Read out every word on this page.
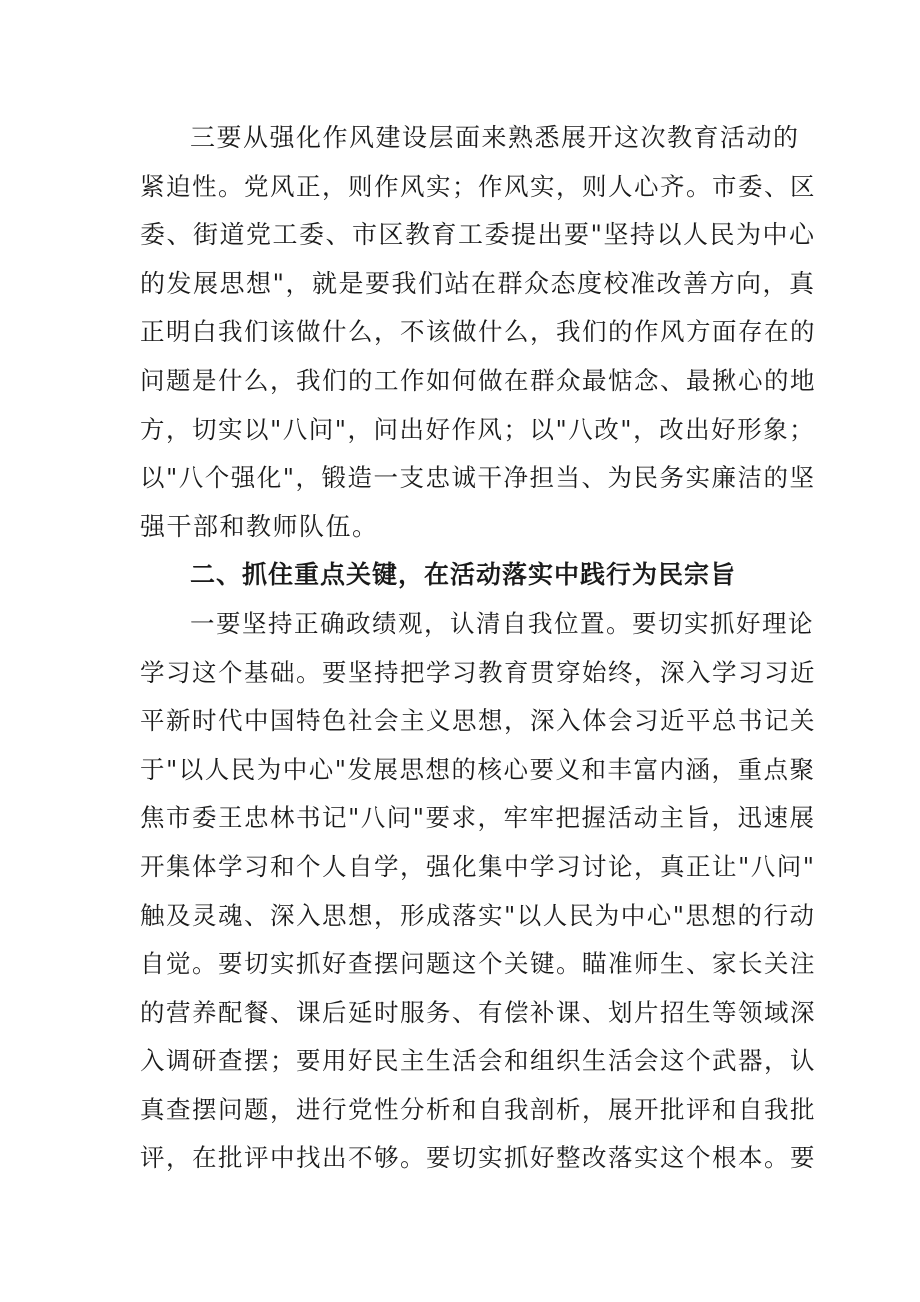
三要从强化作风建设层面来熟悉展开这次教育活动的
紧迫性。党风正，则作风实；作风实，则人心齐。市委、区
委、街道党工委、市区教育工委提出要"坚持以人民为中心
的发展思想"，就是要我们站在群众态度校准改善方向，真
正明白我们该做什么，不该做什么，我们的作风方面存在的
问题是什么，我们的工作如何做在群众最惦念、最揪心的地
方，切实以"八问"，问出好作风；以"八改"，改出好形象；
以"八个强化"，锻造一支忠诚干净担当、为民务实廉洁的坚
强干部和教师队伍。
二、抓住重点关键，在活动落实中践行为民宗旨
一要坚持正确政绩观，认清自我位置。要切实抓好理论
学习这个基础。要坚持把学习教育贯穿始终，深入学习习近
平新时代中国特色社会主义思想，深入体会习近平总书记关
于"以人民为中心"发展思想的核心要义和丰富内涵，重点聚
焦市委王忠林书记"八问"要求，牢牢把握活动主旨，迅速展
开集体学习和个人自学，强化集中学习讨论，真正让"八问"
触及灵魂、深入思想，形成落实"以人民为中心"思想的行动
自觉。要切实抓好查摆问题这个关键。瞄准师生、家长关注
的营养配餐、课后延时服务、有偿补课、划片招生等领域深
入调研查摆；要用好民主生活会和组织生活会这个武器，认
真查摆问题，进行党性分析和自我剖析，展开批评和自我批
评，在批评中找出不够。要切实抓好整改落实这个根本。要
